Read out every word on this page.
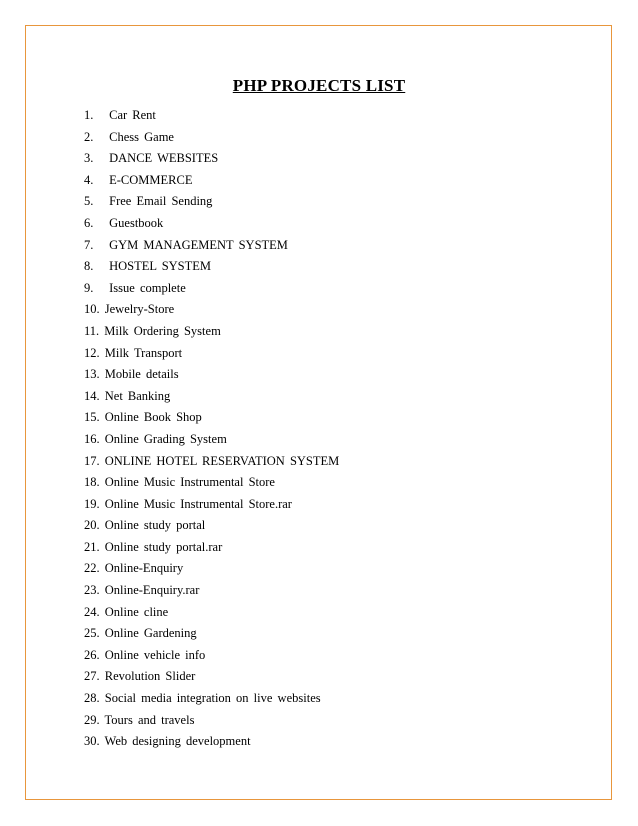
PHP PROJECTS LIST
1. Car Rent
2. Chess Game
3. DANCE WEBSITES
4. E-COMMERCE
5. Free Email Sending
6. Guestbook
7. GYM MANAGEMENT SYSTEM
8. HOSTEL SYSTEM
9. Issue complete
10. Jewelry-Store
11. Milk Ordering System
12. Milk Transport
13. Mobile details
14. Net Banking
15. Online Book Shop
16. Online Grading System
17. ONLINE HOTEL RESERVATION SYSTEM
18. Online Music Instrumental Store
19. Online Music Instrumental Store.rar
20. Online study portal
21. Online study portal.rar
22. Online-Enquiry
23. Online-Enquiry.rar
24. Online cline
25. Online Gardening
26. Online vehicle info
27. Revolution Slider
28. Social media integration on live websites
29. Tours and travels
30. Web designing development
